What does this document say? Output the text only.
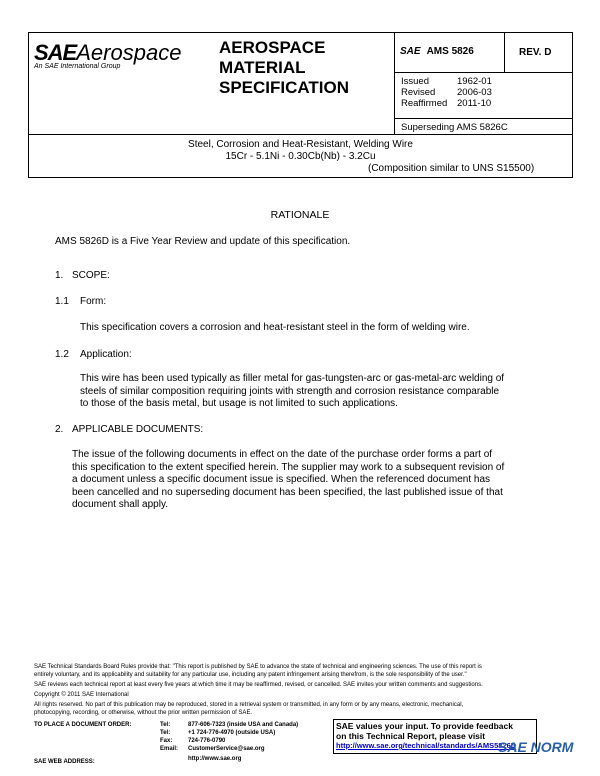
SAEAerospace
An SAE International Group
AEROSPACE
MATERIAL
SPECIFICATION
SAE AMS 5826	REV. D
Issued	1962-01
Revised 2006-03
Reaffirmed 2011-10
Superseding AMS 5826C
Steel, Corrosion and Heat-Resistant, Welding Wire
15Cr - 5.1Ni - 0.30Cb(Nb) - 3.2Cu
(Composition similar to UNS S15500)
RATIONALE
AMS 5826D is a Five Year Review and update of this specification.
1. SCOPE:
1.1 Form:
This specification covers a corrosion and heat-resistant steel in the form of welding wire.
1.2 Application:
This wire has been used typically as filler metal for gas-tungsten-arc or gas-metal-arc welding of
steels of similar composition requiring joints with strength and corrosion resistance comparable
to those of the basis metal, but usage is not limited to such applications.
2. APPLICABLE DOCUMENTS:
The issue of the following documents in effect on the date of the purchase order forms a part of
this specification to the extent specified herein. The supplier may work to a subsequent revision of
a document unless a specific document issue is specified. When the referenced document has
been cancelled and no superseding document has been specified, the last published issue of that
document shall apply.
SAE Technical Standards Board Rules provide that: "This report is published by SAE to advance the state of technical and engineering sciences. The use of this report is
entirely voluntary, and its applicability and suitability for any particular use, including any patent infringement arising therefrom, is the sole responsibility of the user."
SAE reviews each technical report at least every five years at which time it may be reaffirmed, revised, or cancelled. SAE invites your written comments and suggestions.
Copyright © 2011 SAE International
All rights reserved. No part of this publication may be reproduced, stored in a retrieval system or transmitted, in any form or by any means, electronic, mechanical,
photocopying, recording, or otherwise, without the prior written permission of SAE.
TO PLACE A DOCUMENT ORDER:	Tel:	877-606-7323 (inside USA and Canada)
Tel:	+1 724-776-4970 (outside USA)
Fax:	724-776-0790
Email: CustomerService@sae.org
SAE WEB ADDRESS:	http://www.sae.org
SAE values your input. To provide feedback
on this Technical Report, please visit
http://www.sae.org/technical/standards/AMS5826D
SAE NORM
